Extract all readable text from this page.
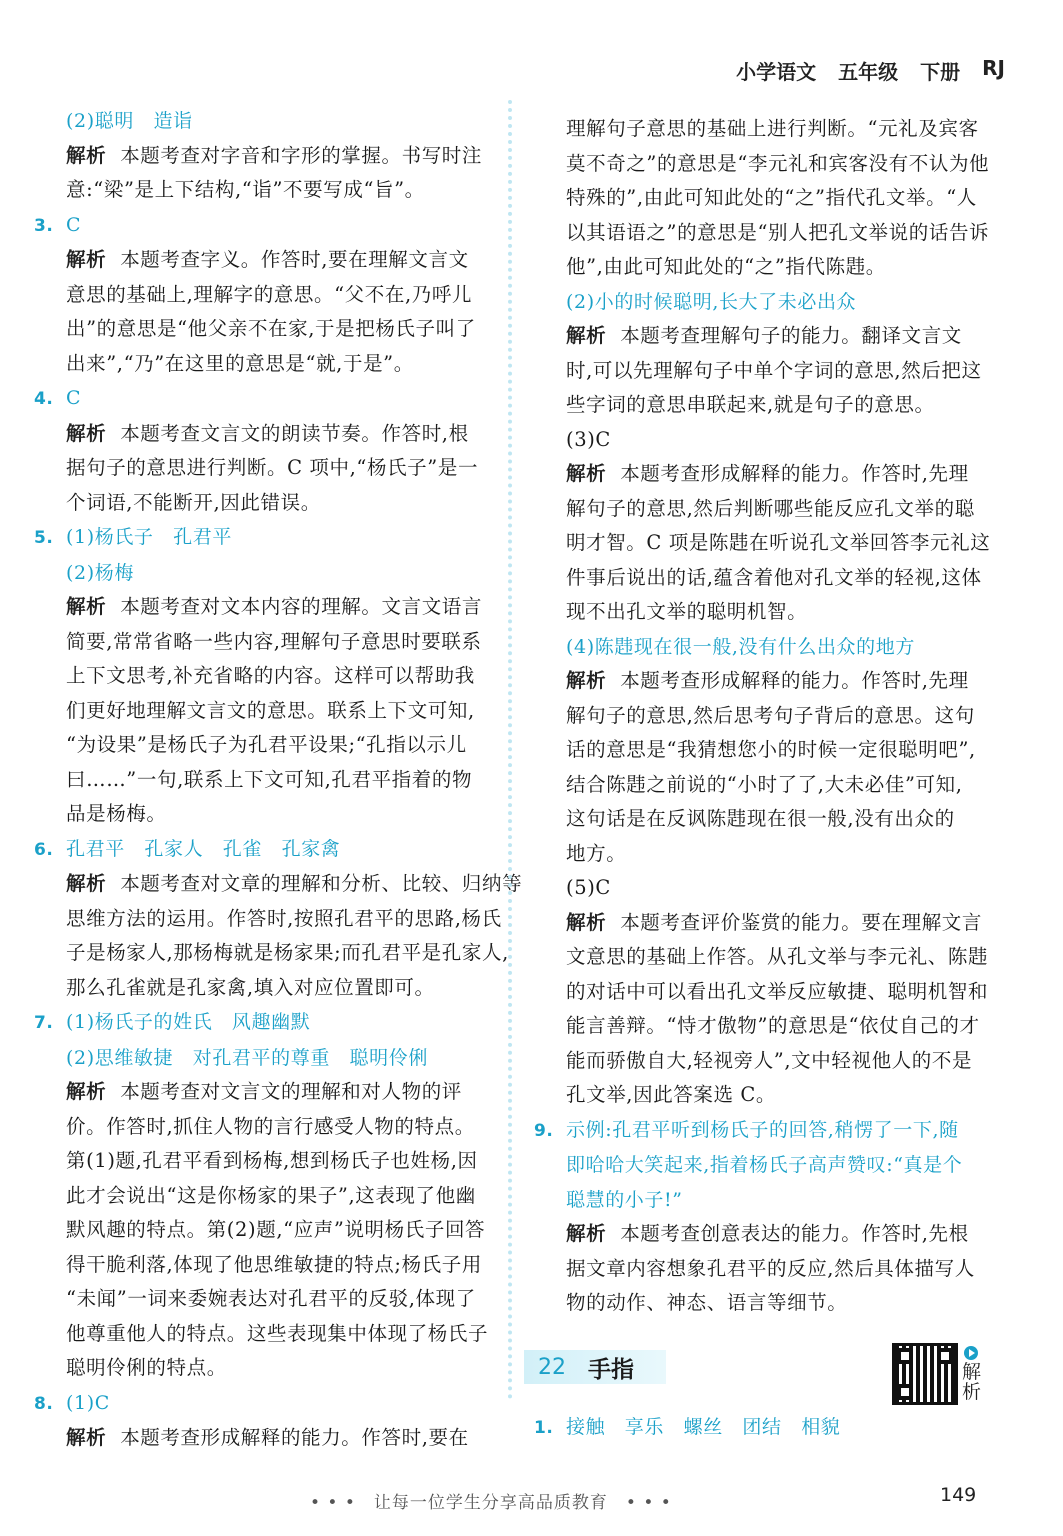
小学语文 五年级 下册 RJ
(2)聪明　造诣
解析 本题考查对字音和字形的掌握。书写时注
意:“梁”是上下结构,“诣”不要写成“旨”。
3. C
解析 本题考查字义。作答时,要在理解文言文
意思的基础上,理解字的意思。“父不在,乃呼儿
出”的意思是“他父亲不在家,于是把杨氏子叫了
出来”,“乃”在这里的意思是“就,于是”。
4. C
解析 本题考查文言文的朗读节奏。作答时,根
据句子的意思进行判断。C 项中,“杨氏子”是一
个词语,不能断开,因此错误。
5. (1)杨氏子　孔君平
(2)杨梅
解析 本题考查对文本内容的理解。文言文语言
简要,常常省略一些内容,理解句子意思时要联系
上下文思考,补充省略的内容。这样可以帮助我
们更好地理解文言文的意思。联系上下文可知,
“为设果”是杨氏子为孔君平设果;“孔指以示儿
曰……”一句,联系上下文可知,孔君平指着的物
品是杨梅。
6. 孔君平　孔家人　孔雀　孔家禽
解析 本题考查对文章的理解和分析、比较、归纳等
思维方法的运用。作答时,按照孔君平的思路,杨氏
子是杨家人,那杨梅就是杨家果;而孔君平是孔家人,
那么孔雀就是孔家禽,填入对应位置即可。
7. (1)杨氏子的姓氏　风趣幽默
(2)思维敏捷　对孔君平的尊重　聪明伶俐
解析 本题考查对文言文的理解和对人物的评
价。作答时,抓住人物的言行感受人物的特点。
第(1)题,孔君平看到杨梅,想到杨氏子也姓杨,因
此才会说出“这是你杨家的果子”,这表现了他幽
默风趣的特点。第(2)题,“应声”说明杨氏子回答
得干脆利落,体现了他思维敏捷的特点;杨氏子用
“未闻”一词来委婉表达对孔君平的反驳,体现了
他尊重他人的特点。这些表现集中体现了杨氏子
聪明伶俐的特点。
8. (1)C
解析 本题考查形成解释的能力。作答时,要在
理解句子意思的基础上进行判断。“元礼及宾客
莫不奇之”的意思是“李元礼和宾客没有不认为他
特殊的”,由此可知此处的“之”指代孔文举。“人
以其语语之”的意思是“别人把孔文举说的话告诉
他”,由此可知此处的“之”指代陈韪。
(2)小的时候聪明,长大了未必出众
解析 本题考查理解句子的能力。翻译文言文
时,可以先理解句子中单个字词的意思,然后把这
些字词的意思串联起来,就是句子的意思。
(3)C
解析 本题考查形成解释的能力。作答时,先理
解句子的意思,然后判断哪些能反应孔文举的聪
明才智。C 项是陈韪在听说孔文举回答李元礼这
件事后说出的话,蕴含着他对孔文举的轻视,这体
现不出孔文举的聪明机智。
(4)陈韪现在很一般,没有什么出众的地方
解析 本题考查形成解释的能力。作答时,先理
解句子的意思,然后思考句子背后的意思。这句
话的意思是“我猜想您小的时候一定很聪明吧”,
结合陈韪之前说的“小时了了,大未必佳”可知,
这句话是在反讽陈韪现在很一般,没有出众的
地方。
(5)C
解析 本题考查评价鉴赏的能力。要在理解文言
文意思的基础上作答。从孔文举与李元礼、陈韪
的对话中可以看出孔文举反应敏捷、聪明机智和
能言善辩。“恃才傲物”的意思是“依仗自己的才
能而骄傲自大,轻视旁人”,文中轻视他人的不是
孔文举,因此答案选 C。
9. 示例:孔君平听到杨氏子的回答,稍愣了一下,随
即哈哈大笑起来,指着杨氏子高声赞叹:“真是个
聪慧的小子!”
解析 本题考查创意表达的能力。作答时,先根
据文章内容想象孔君平的反应,然后具体描写人
物的动作、神态、语言等细节。
22 手指	解析
1. 接触　享乐　螺丝　团结　相貌
• • •　让每一位学生分享高品质教育　• • •	149
